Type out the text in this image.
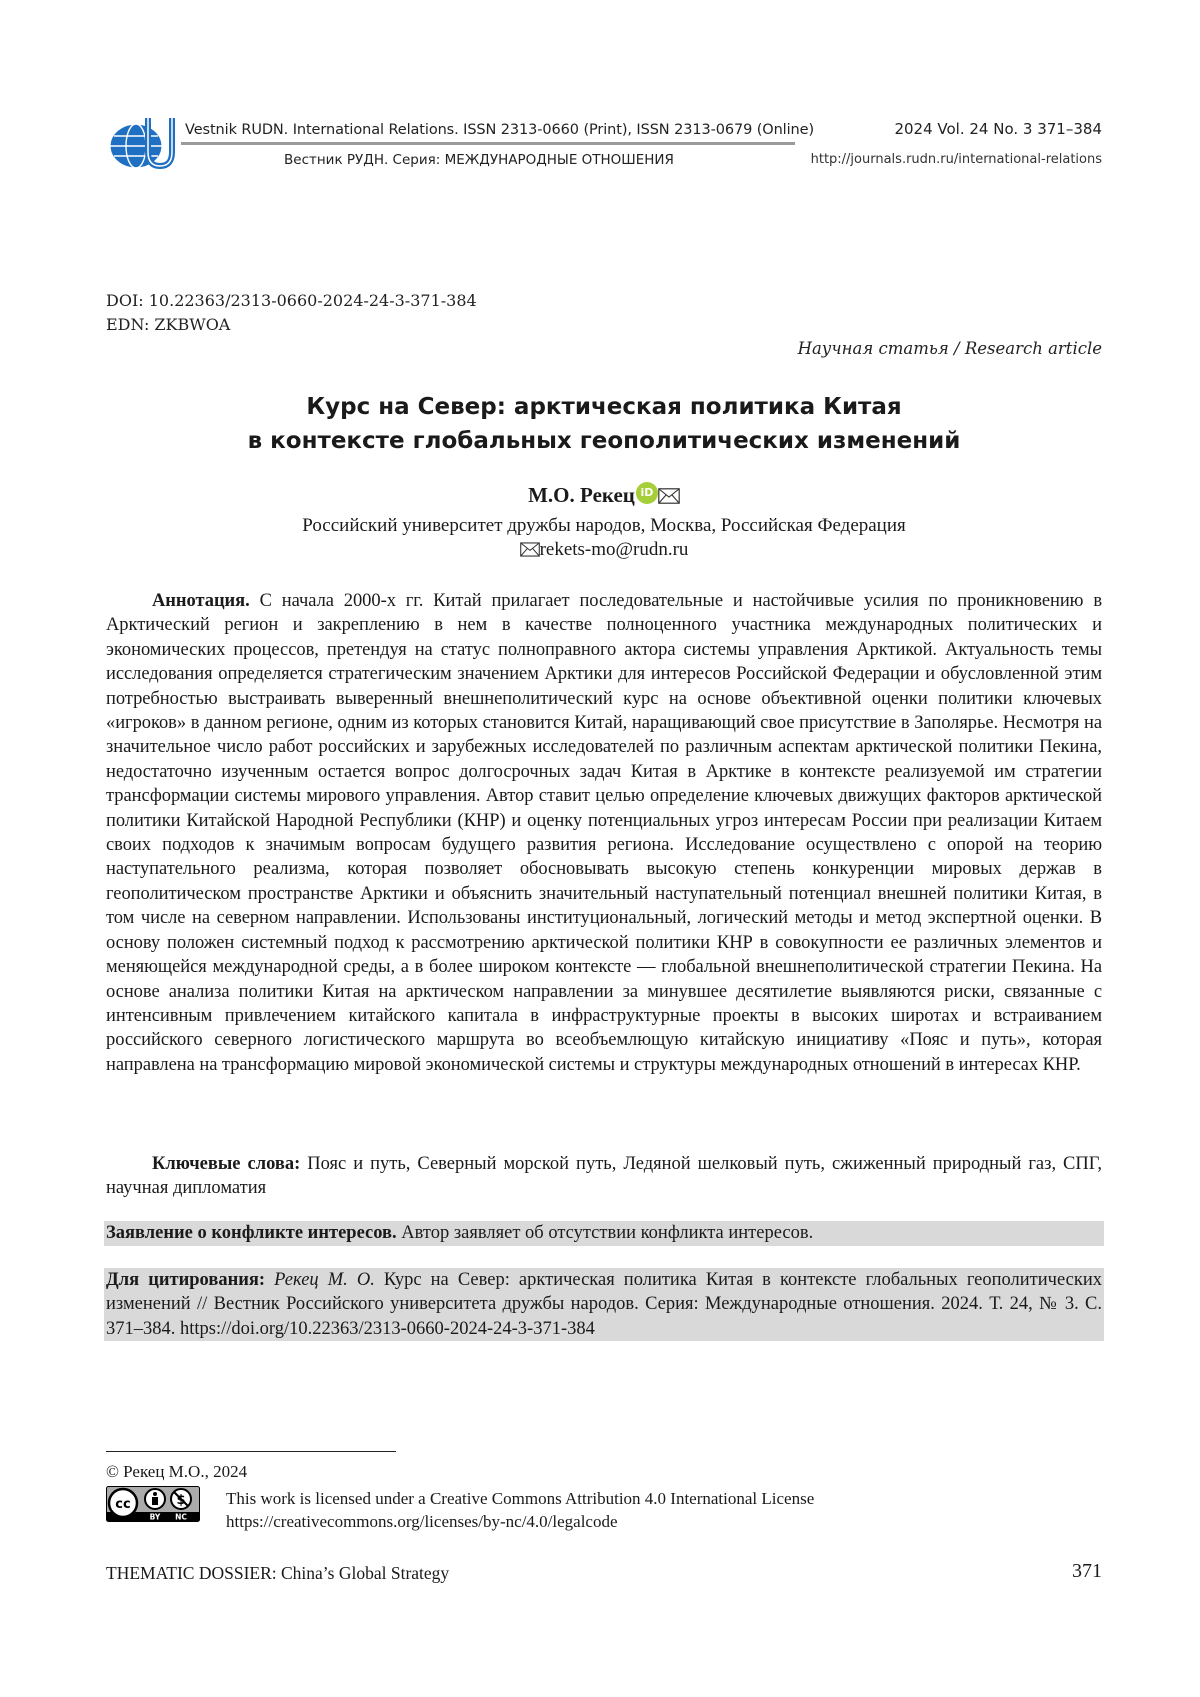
Vestnik RUDN. International Relations. ISSN 2313-0660 (Print), ISSN 2313-0679 (Online)
Вестник РУДН. Серия: МЕЖДУНАРОДНЫЕ ОТНОШЕНИЯ
2024 Vol. 24 No. 3 371–384
http://journals.rudn.ru/international-relations
DOI: 10.22363/2313-0660-2024-24-3-371-384
EDN: ZKBWOA
Научная статья / Research article
Курс на Север: арктическая политика Китая
в контексте глобальных геополитических изменений
М.О. Рекец iD
Российский университет дружбы народов, Москва, Российская Федерация
rekets-mo@rudn.ru

Аннотация. С начала 2000-х гг. Китай прилагает последовательные и настойчивые усилия по проникновению в Арктический регион и закреплению в нем в качестве полноценного участника международных политических и экономических процессов, претендуя на статус полноправного актора системы управления Арктикой. Актуальность темы исследования определяется стратегическим значением Арктики для интересов Российской Федерации и обусловленной этим потребностью выстраивать выверенный внешнеполитический курс на основе объективной оценки политики ключевых «игроков» в данном регионе, одним из которых становится Китай, наращивающий свое присутствие в Заполярье. Несмотря на значительное число работ российских и зарубежных исследователей по различным аспектам арктической политики Пекина, недостаточно изученным остается вопрос долгосрочных задач Китая в Арктике в контексте реализуемой им стратегии трансформации системы мирового управления. Автор ставит целью определение ключевых движущих факторов арктической политики Китайской Народной Республики (КНР) и оценку потенциальных угроз интересам России при реализации Китаем своих подходов к значимым вопросам будущего развития региона. Исследование осуществлено с опорой на теорию наступательного реализма, которая позволяет обосновывать высокую степень конкуренции мировых держав в геополитическом пространстве Арктики и объяснить значительный наступательный потенциал внешней политики Китая, в том числе на северном направлении. Использованы институциональный, логический методы и метод экспертной оценки. В основу положен системный подход к рассмотрению арктической политики КНР в совокупности ее различных элементов и меняющейся международной среды, а в более широком контексте — глобальной внешнеполитической стратегии Пекина. На основе анализа политики Китая на арктическом направлении за минувшее десятилетие выявляются риски, связанные с интенсивным привлечением китайского капитала в инфраструктурные проекты в высоких широтах и встраиванием российского северного логистического маршрута во всеобъемлющую китайскую инициативу «Пояс и путь», которая направлена на трансформацию мировой экономической системы и структуры международных отношений в интересах КНР.

Ключевые слова: Пояс и путь, Северный морской путь, Ледяной шелковый путь, сжиженный природный газ, СПГ, научная дипломатия

Заявление о конфликте интересов. Автор заявляет об отсутствии конфликта интересов.
Для цитирования: Рекец М. О. Курс на Север: арктическая политика Китая в контексте глобальных геополитических изменений // Вестник Российского университета дружбы народов. Серия: Международные отношения. 2024. Т. 24, № 3. С. 371–384. https://doi.org/10.22363/2313-0660-2024-24-3-371-384
© Рекец М.О., 2024
cc	$
BY NC
This work is licensed under a Creative Commons Attribution 4.0 International License
https://creativecommons.org/licenses/by-nc/4.0/legalcode
THEMATIC DOSSIER: China’s Global Strategy	371
